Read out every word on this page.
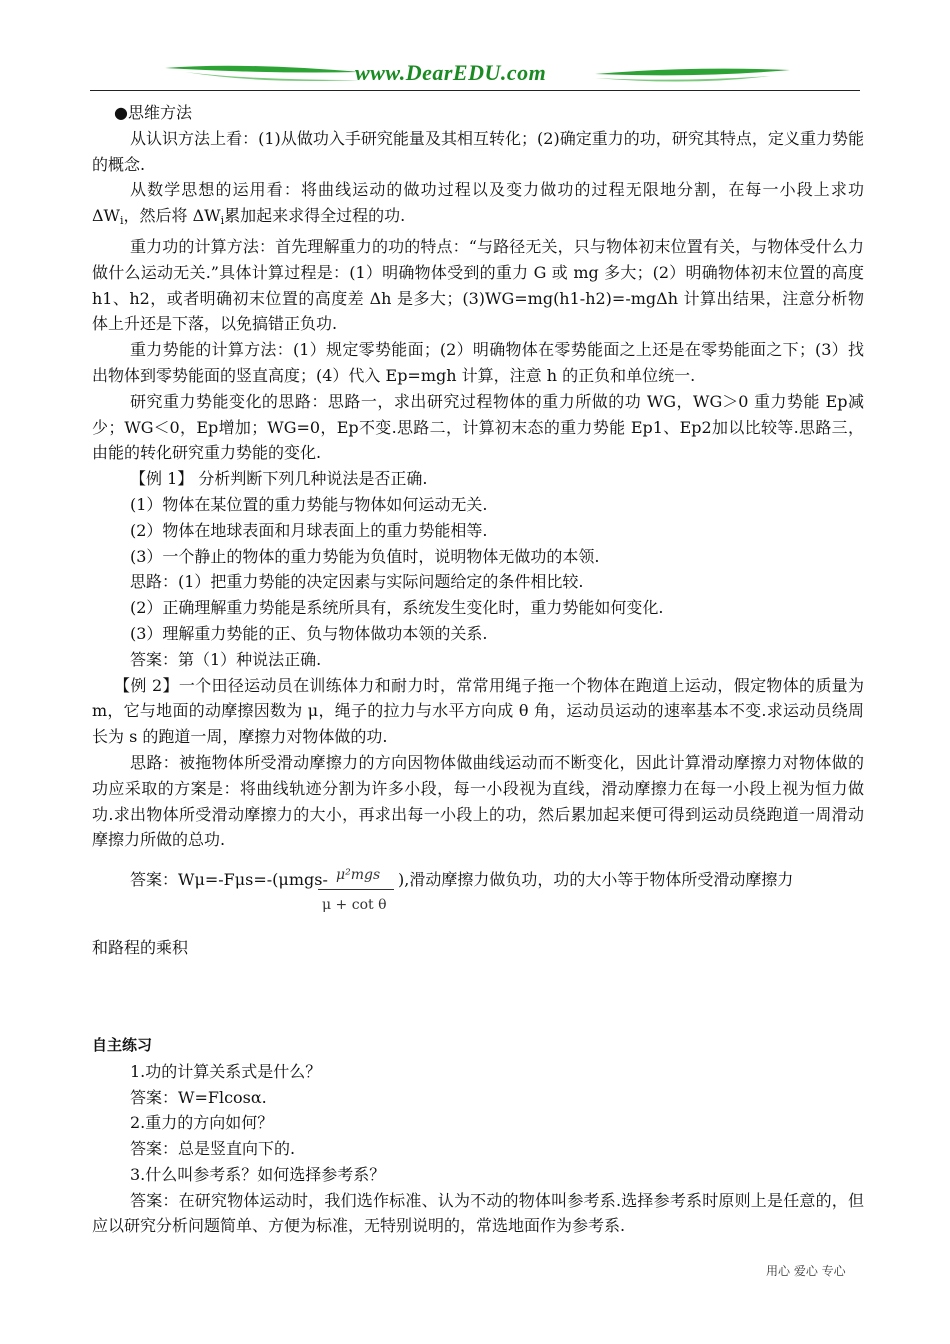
www.DearEDU.com

●思维方法

从认识方法上看：(1)从做功入手研究能量及其相互转化；(2)确定重力的功，研究其特点，定义重力势能的概念.

从数学思想的运用看：将曲线运动的做功过程以及变力做功的过程无限地分割，在每一小段上求功 $\Delta W_i$，然后将 $\Delta W_i$累加起来求得全过程的功.

重力功的计算方法：首先理解重力的功的特点：“与路径无关，只与物体初末位置有关，与物体受什么力做什么运动无关.”具体计算过程是：(1）明确物体受到的重力 G 或 mg 多大；(2）明确物体初末位置的高度 h1、h2，或者明确初末位置的高度差 Δh 是多大；(3)WG=mg(h1-h2)=-mgΔh 计算出结果，注意分析物体上升还是下落，以免搞错正负功.

重力势能的计算方法：(1）规定零势能面；(2）明确物体在零势能面之上还是在零势能面之下；(3）找出物体到零势能面的竖直高度；(4）代入 Ep=mgh 计算，注意 h 的正负和单位统一.

研究重力势能变化的思路：思路一，求出研究过程物体的重力所做的功 WG，WG＞0 重力势能 Ep减少；WG＜0，Ep增加；WG=0，Ep不变.思路二，计算初末态的重力势能 Ep1、Ep2加以比较等.思路三，由能的转化研究重力势能的变化.

【例 1】 分析判断下列几种说法是否正确.

(1）物体在某位置的重力势能与物体如何运动无关.

(2）物体在地球表面和月球表面上的重力势能相等.

(3）一个静止的物体的重力势能为负值时，说明物体无做功的本领.

思路：(1）把重力势能的决定因素与实际问题给定的条件相比较.

(2）正确理解重力势能是系统所具有，系统发生变化时，重力势能如何变化.

(3）理解重力势能的正、负与物体做功本领的关系.

答案：第（1）种说法正确.

【例 2】一个田径运动员在训练体力和耐力时，常常用绳子拖一个物体在跑道上运动，假定物体的质量为 m，它与地面的动摩擦因数为 μ，绳子的拉力与水平方向成 θ 角，运动员运动的速率基本不变.求运动员绕周长为 s 的跑道一周，摩擦力对物体做的功.

思路：被拖物体所受滑动摩擦力的方向因物体做曲线运动而不断变化，因此计算滑动摩擦力对物体做的功应采取的方案是：将曲线轨迹分割为许多小段，每一小段视为直线，滑动摩擦力在每一小段上视为恒力做功.求出物体所受滑动摩擦力的大小，再求出每一小段上的功，然后累加起来便可得到运动员绕跑道一周滑动摩擦力所做的总功.

答案：Wμ=-Fμs=-(μmgs- μ²mgs
μ + cot θ
),滑动摩擦力做负功，功的大小等于物体所受滑动摩擦力

和路程的乘积

自主练习

1.功的计算关系式是什么？

答案：W=Flcosα.

2.重力的方向如何？

答案：总是竖直向下的.

3.什么叫参考系？如何选择参考系？

答案：在研究物体运动时，我们选作标准、认为不动的物体叫参考系.选择参考系时原则上是任意的，但应以研究分析问题简单、方便为标准，无特别说明的，常选地面作为参考系.

用心 爱心 专心
